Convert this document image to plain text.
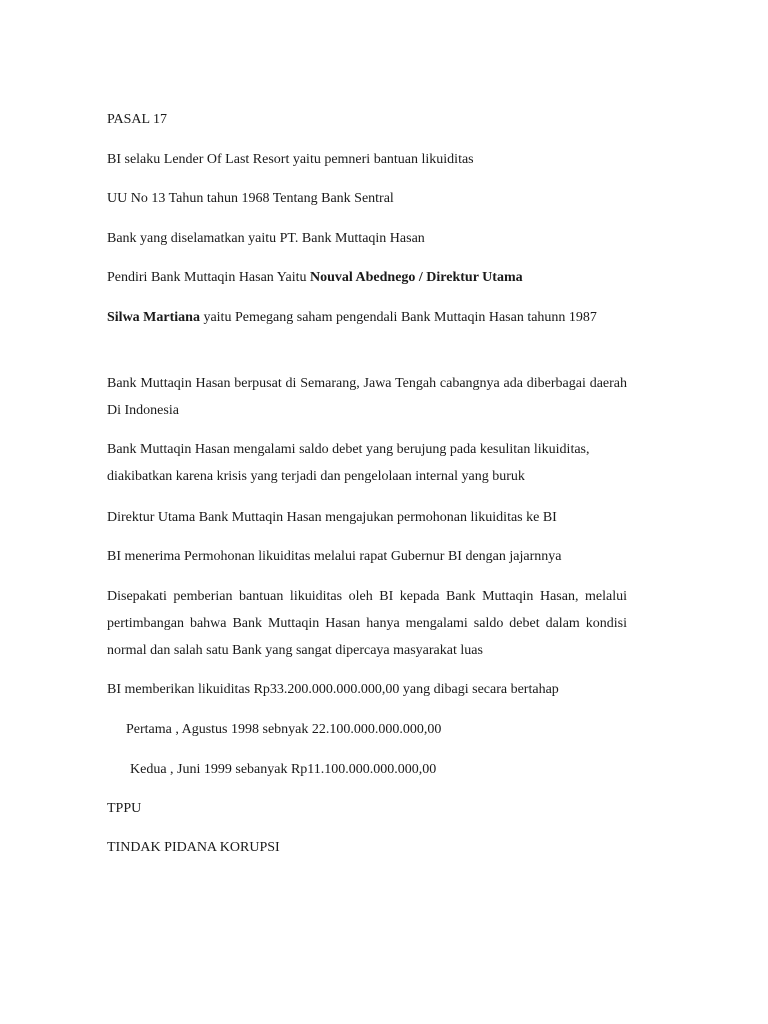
PASAL 17

BI selaku Lender Of Last Resort yaitu pemneri bantuan likuiditas

UU No 13 Tahun tahun 1968 Tentang Bank Sentral

Bank yang diselamatkan yaitu PT. Bank Muttaqin Hasan

Pendiri Bank Muttaqin Hasan Yaitu Nouval Abednego / Direktur Utama

Silwa Martiana yaitu Pemegang saham pengendali Bank Muttaqin Hasan tahunn 1987

Bank Muttaqin Hasan berpusat di Semarang, Jawa Tengah cabangnya ada diberbagai daerah Di Indonesia

Bank Muttaqin Hasan mengalami saldo debet yang berujung pada kesulitan likuiditas, diakibatkan karena krisis yang terjadi dan pengelolaan internal yang buruk

Direktur Utama Bank Muttaqin Hasan mengajukan permohonan likuiditas ke BI

BI menerima Permohonan likuiditas melalui rapat Gubernur BI dengan jajarnnya

Disepakati pemberian bantuan likuiditas oleh BI kepada Bank Muttaqin Hasan, melalui pertimbangan bahwa Bank Muttaqin Hasan hanya mengalami saldo debet dalam kondisi normal dan salah satu Bank yang sangat dipercaya masyarakat luas

BI memberikan likuiditas Rp33.200.000.000.000,00 yang dibagi secara bertahap

Pertama , Agustus 1998 sebnyak 22.100.000.000.000,00

Kedua , Juni 1999 sebanyak Rp11.100.000.000.000,00

TPPU

TINDAK PIDANA KORUPSI
